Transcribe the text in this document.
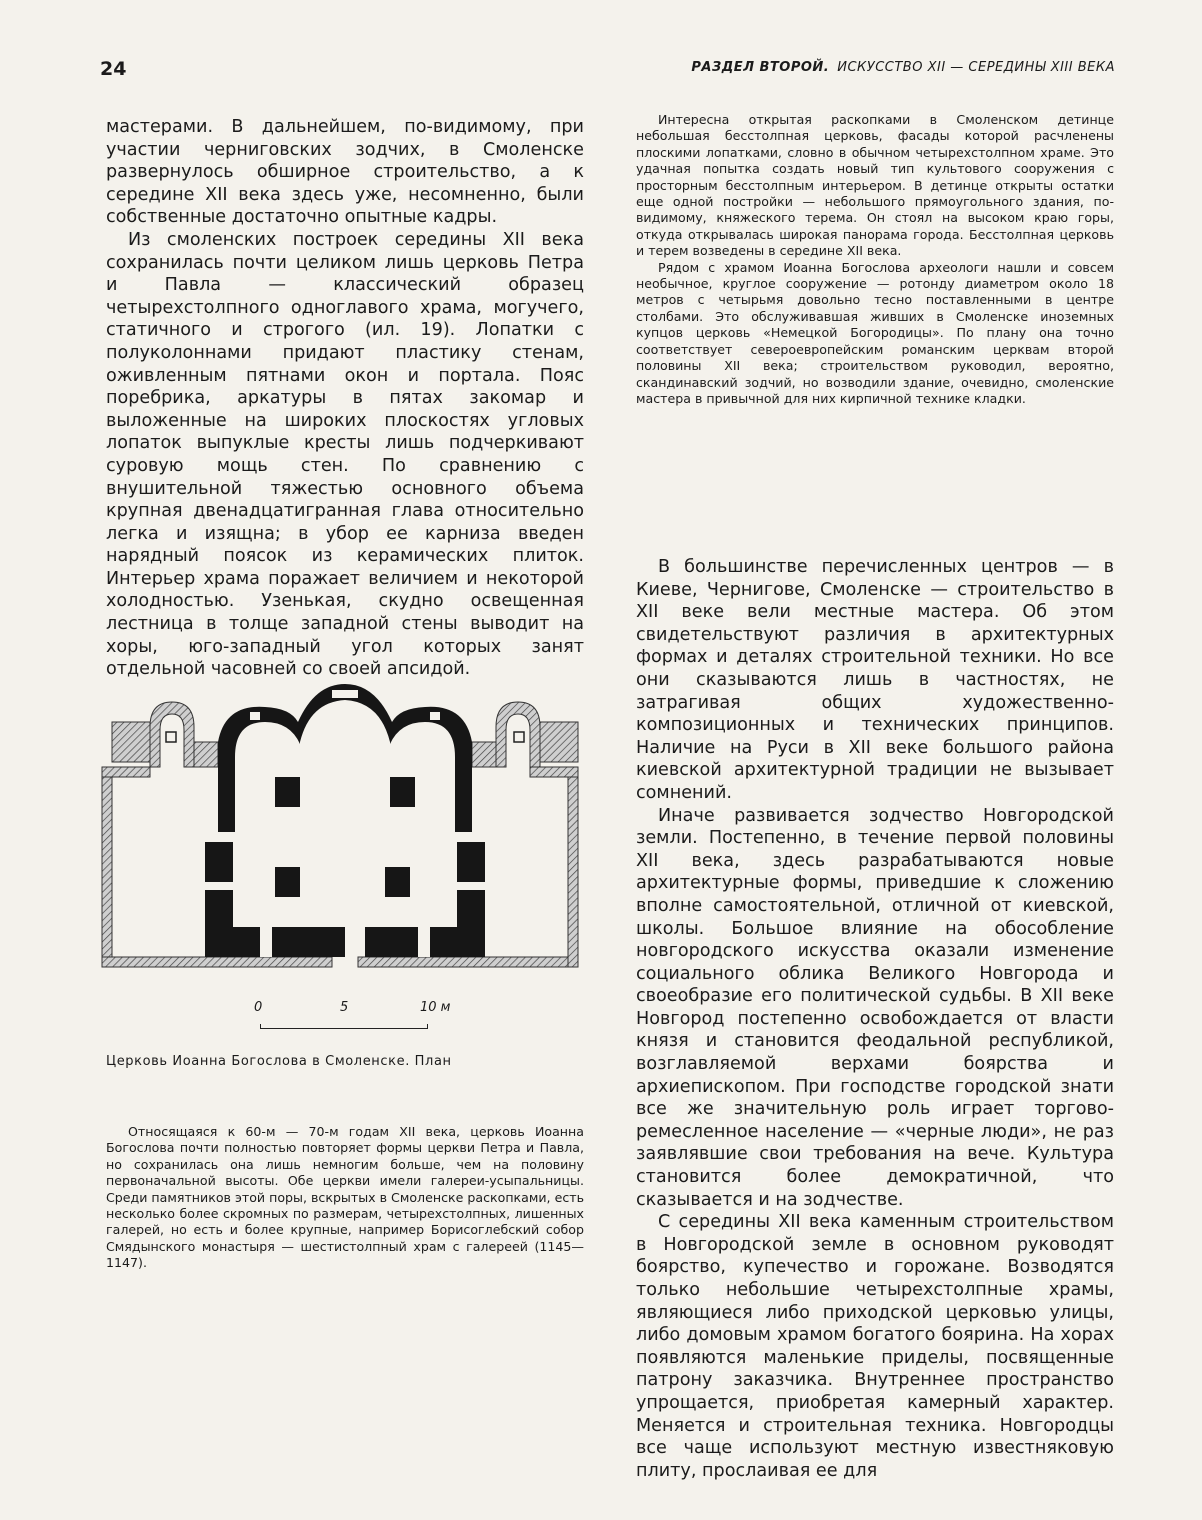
24	РАЗДЕЛ ВТОРОЙ. ИСКУССТВО XII — СЕРЕДИНЫ XIII ВЕКА

мастерами. В дальнейшем, по-видимому, при участии черниговских зодчих, в Смоленске развернулось обширное строительство, а к середине XII века здесь уже, несомненно, были собственные достаточно опытные кадры.

Из смоленских построек середины XII века сохранилась почти целиком лишь церковь Петра и Павла — классический образец четырехстолпного одноглавого храма, могучего, статичного и строгого (ил. 19). Лопатки с полуколоннами придают пластику стенам, оживленным пятнами окон и портала. Пояс поребрика, аркатуры в пятах закомар и выложенные на широких плоскостях угловых лопаток выпуклые кресты лишь подчеркивают суровую мощь стен. По сравнению с внушительной тяжестью основного объема крупная двенадцатигранная глава относительно легка и изящна; в убор ее карниза введен нарядный поясок из керамических плиток. Интерьер храма поражает величием и некоторой холодностью. Узенькая, скудно освещенная лестница в толще западной стены выводит на хоры, юго-западный угол которых занят отдельной часовней со своей апсидой.

0	5	10 м
Церковь Иоанна Богослова в Смоленске. План

Относящаяся к 60-м — 70-м годам XII века, церковь Иоанна Богослова почти полностью повторяет формы церкви Петра и Павла, но сохранилась она лишь немногим больше, чем на половину первоначальной высоты. Обе церкви имели галереи-усыпальницы. Среди памятников этой поры, вскрытых в Смоленске раскопками, есть несколько более скромных по размерам, четырехстолпных, лишенных галерей, но есть и более крупные, например Борисоглебский собор Смядынского монастыря — шестистолпный храм с галереей (1145—1147).

Интересна открытая раскопками в Смоленском детинце небольшая бесстолпная церковь, фасады которой расчленены плоскими лопатками, словно в обычном четырехстолпном храме. Это удачная попытка создать новый тип культового сооружения с просторным бесстолпным интерьером. В детинце открыты остатки еще одной постройки — небольшого прямоугольного здания, по-видимому, княжеского терема. Он стоял на высоком краю горы, откуда открывалась широкая панорама города. Бесстолпная церковь и терем возведены в середине XII века.

Рядом с храмом Иоанна Богослова археологи нашли и совсем необычное, круглое сооружение — ротонду диаметром около 18 метров с четырьмя довольно тесно поставленными в центре столбами. Это обслуживавшая живших в Смоленске иноземных купцов церковь «Немецкой Богородицы». По плану она точно соответствует североевропейским романским церквам второй половины XII века; строительством руководил, вероятно, скандинавский зодчий, но возводили здание, очевидно, смоленские мастера в привычной для них кирпичной технике кладки.

В большинстве перечисленных центров — в Киеве, Чернигове, Смоленске — строительство в XII веке вели местные мастера. Об этом свидетельствуют различия в архитектурных формах и деталях строительной техники. Но все они сказываются лишь в частностях, не затрагивая общих художественно-композиционных и технических принципов. Наличие на Руси в XII веке большого района киевской архитектурной традиции не вызывает сомнений.

Иначе развивается зодчество Новгородской земли. Постепенно, в течение первой половины XII века, здесь разрабатываются новые архитектурные формы, приведшие к сложению вполне самостоятельной, отличной от киевской, школы. Большое влияние на обособление новгородского искусства оказали изменение социального облика Великого Новгорода и своеобразие его политической судьбы. В XII веке Новгород постепенно освобождается от власти князя и становится феодальной республикой, возглавляемой верхами боярства и архиепископом. При господстве городской знати все же значительную роль играет торгово-ремесленное население — «черные люди», не раз заявлявшие свои требования на вече. Культура становится более демократичной, что сказывается и на зодчестве.

С середины XII века каменным строительством в Новгородской земле в основном руководят боярство, купечество и горожане. Возводятся только небольшие четырехстолпные храмы, являющиеся либо приходской церковью улицы, либо домовым храмом богатого боярина. На хорах появляются маленькие приделы, посвященные патрону заказчика. Внутреннее пространство упрощается, приобретая камерный характер. Меняется и строительная техника. Новгородцы все чаще используют местную известняковую плиту, прослаивая ее для
